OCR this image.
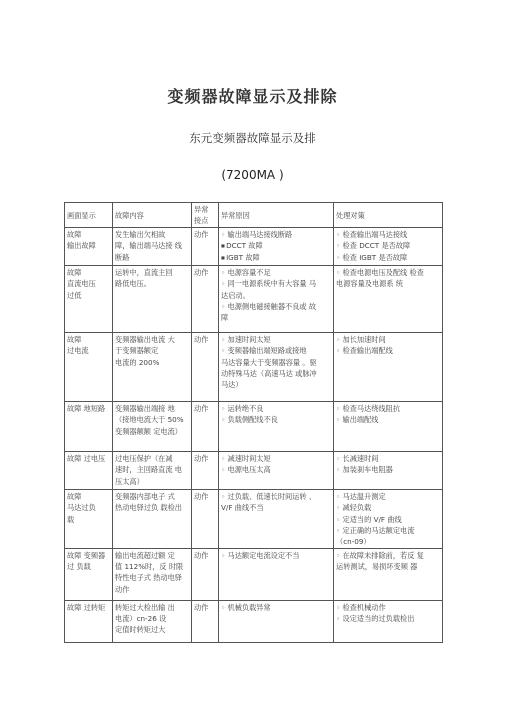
变频器故障显示及排除
东元变频器故障显示及排
(7200MA )
画面显示	故障内容	异常
接点	异常原因	处理对策

故障
输出故障	发生输出欠相故
障，输出端马达接 线
断路	动作	◦ 输出端马达接线断路
■ DCCT 故障
■ IGBT 故障	◦ 检查输出端马达接线
◦ 检查 DCCT 是否故障
◦ 检查 IGBT 是否故障

故障
直流电压
过低	运转中，直流主回
路低电压。	动作	◦ 电源容量不足
◦ 同一电源系统中有大容量 马
达启动。
◦ 电源侧电磁接触器不良或 故
障	◦ 检查电源电压及配线 检查
电源容量及电源系 统

故障
过电流	变频器输出电流 大
于变频器额定
电流的 200%	动作	◦ 加速时间太短
◦ 变频器输出端短路或接地
马达容量大于变频器容量 。驱
动特殊马达（高速马达 或脉冲
马达）	◦ 加长加速时间
◦ 检查输出端配线

故障 地短路	变频器输出端接 地
（接地电流大于 50%
变频器额额 定电流）	动作	◦ 运转绝不良
◦ 负载侧配线不良	◦ 检查马达绕线阻抗
◦ 输出端配线

故障 过电压	过电压保护（在减
速时，主回路直流 电
压太高）	动作	◦ 减速时间太短
◦ 电源电压太高	◦ 长减速时间
◦ 加装刹车电阻器

故障
马达过负
载	变频器内部电子 式
热动电驿过负 载检出	动作	◦ 过负载、低速长时间运转 、
V/F 曲线不当	◦ 马达温升测定
◦ 减轻负载
◦ 定适当的 V/F 曲线
◦ 定正确的马达额定电流
（cn-09）

故障 变频器
过 负载	输出电流超过额 定
值 112%时，反 时限
特性电子式 热动电驿
动作	动作	◦ 马达额定电流设定不当	◦ 在故障未排除前，若反 复
运转测试，易损坏变频 器

故障 过转矩	转矩过大检出输 出
电流）cn-26 设
定值时转矩过大	动作	◦ 机械负载异常	◦ 检查机械动作
◦ 设定适当的过负载检出
